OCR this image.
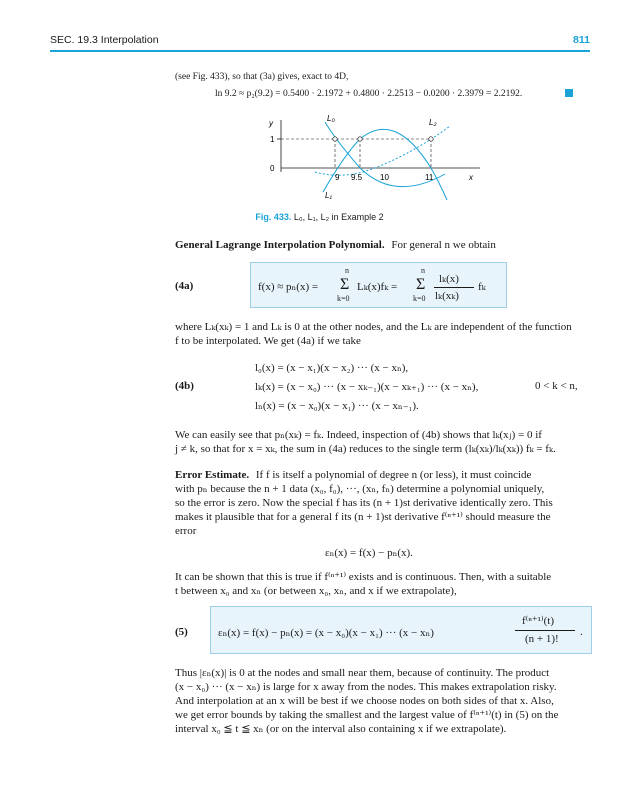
SEC. 19.3 Interpolation	811
(see Fig. 433), so that (3a) gives, exact to 4D,
ln 9.2 ≈ p₂(9.2) = 0.5400 · 2.1972 + 0.4800 · 2.2513 − 0.0200 · 2.3979 = 2.2192.
y
1
0
9 9.5 10	11	x
L₀
L₁
L₂
Fig. 433. L₀, L₁, L₂ in Example 2
General Lagrange Interpolation Polynomial. For general n we obtain
(4a)	f(x) ≈ pₙ(x) =
n
Σ
k=0
Lₖ(x)fₖ =
n
Σ
k=0
lₖ(x)
lₖ(xₖ)
fₖ
where Lₖ(xₖ) = 1 and Lₖ is 0 at the other nodes, and the Lₖ are independent of the function
f to be interpolated. We get (4a) if we take
(4b)
l₀(x) = (x − x₁)(x − x₂) ··· (x − xₙ),
lₖ(x) = (x − x₀) ··· (x − xₖ₋₁)(x − xₖ₊₁) ··· (x − xₙ),	0 < k < n,
lₙ(x) = (x − x₀)(x − x₁) ··· (x − xₙ₋₁).
We can easily see that pₙ(xₖ) = fₖ. Indeed, inspection of (4b) shows that lₖ(xⱼ) = 0 if
j ≠ k, so that for x = xₖ, the sum in (4a) reduces to the single term (lₖ(xₖ)/lₖ(xₖ)) fₖ = fₖ.
Error Estimate. If f is itself a polynomial of degree n (or less), it must coincide
with pₙ because the n + 1 data (x₀, f₀), ···, (xₙ, fₙ) determine a polynomial uniquely,
so the error is zero. Now the special f has its (n + 1)st derivative identically zero. This
makes it plausible that for a general f its (n + 1)st derivative f⁽ⁿ⁺¹⁾ should measure the
error
εₙ(x) = f(x) − pₙ(x).
It can be shown that this is true if f⁽ⁿ⁺¹⁾ exists and is continuous. Then, with a suitable
t between x₀ and xₙ (or between x₀, xₙ, and x if we extrapolate),
(5)	εₙ(x) = f(x) − pₙ(x) = (x − x₀)(x − x₁) ··· (x − xₙ)
f⁽ⁿ⁺¹⁾(t)
(n + 1)!
.
Thus |εₙ(x)| is 0 at the nodes and small near them, because of continuity. The product
(x − x₀) ··· (x − xₙ) is large for x away from the nodes. This makes extrapolation risky.
And interpolation at an x will be best if we choose nodes on both sides of that x. Also,
we get error bounds by taking the smallest and the largest value of f⁽ⁿ⁺¹⁾(t) in (5) on the
interval x₀ ≦ t ≦ xₙ (or on the interval also containing x if we extrapolate).
